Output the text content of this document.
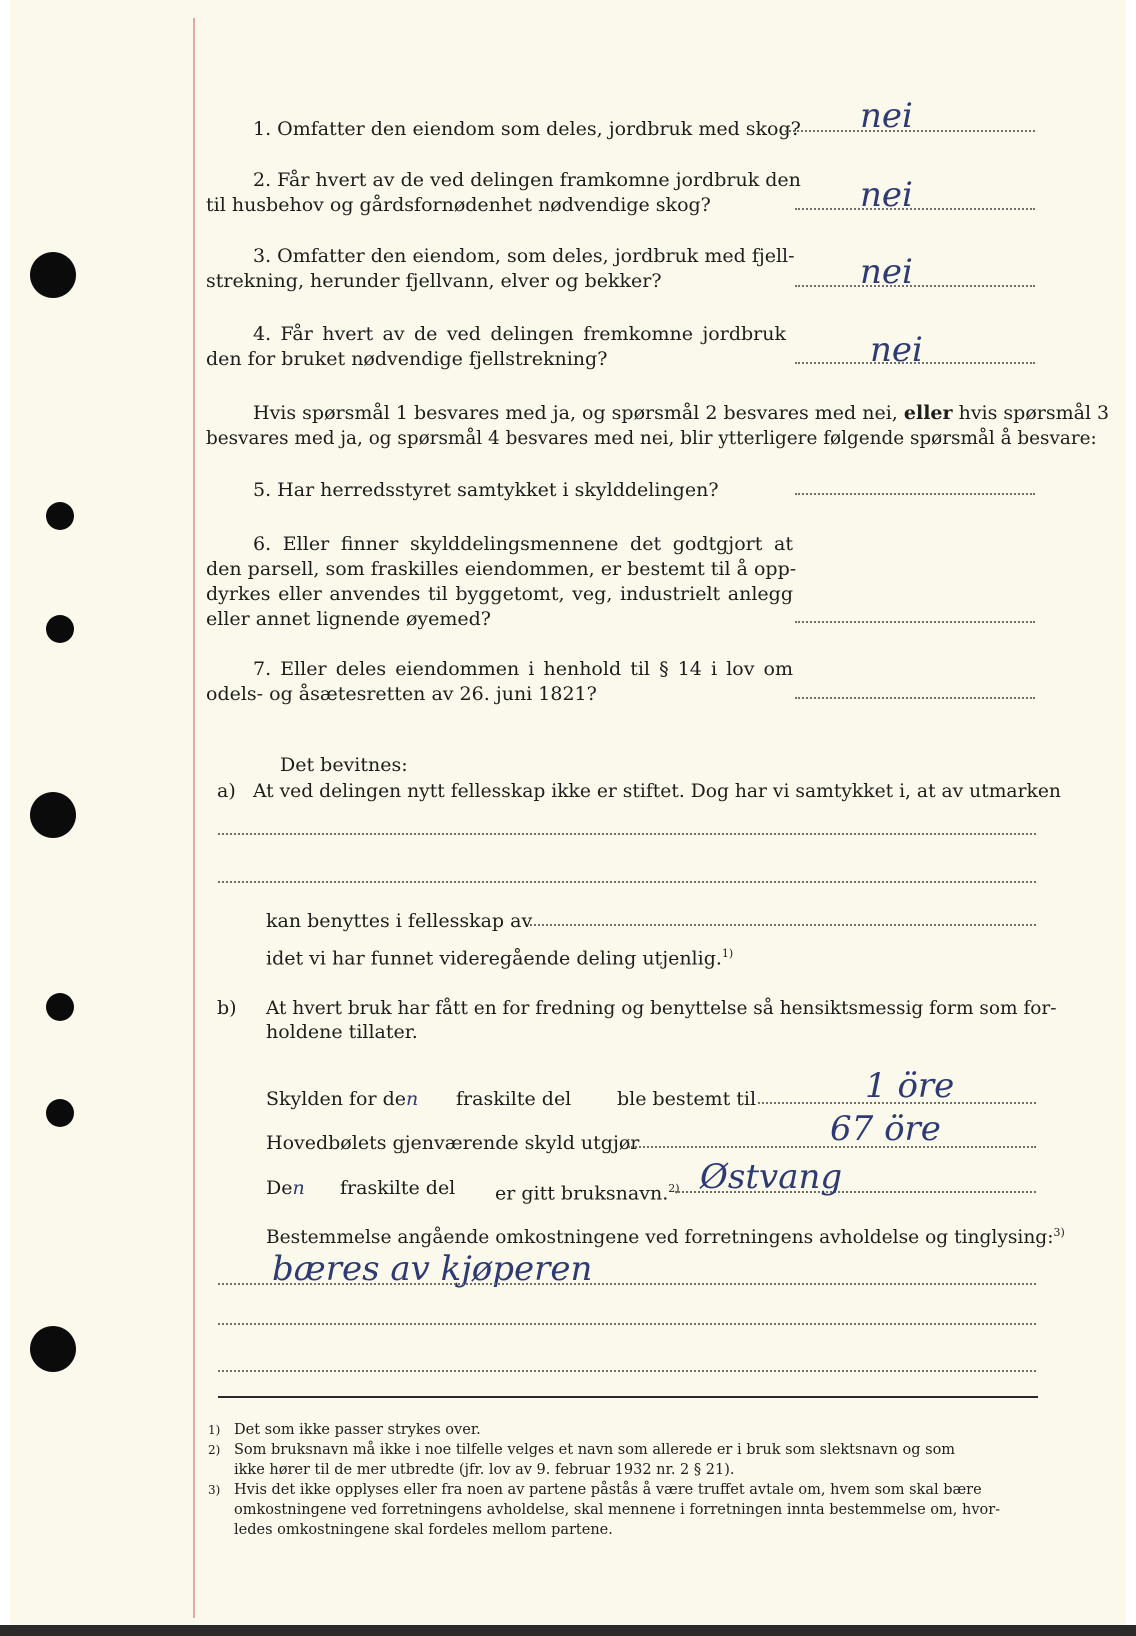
1. Omfatter den eiendom som deles, jordbruk med skog? nei
2. Får hvert av de ved delingen framkomne jordbruk den
til husbehov og gårdsfornødenhet nødvendige skog?	nei
3. Omfatter den eiendom, som deles, jordbruk med fjell-
strekning, herunder fjellvann, elver og bekker?	nei
4. Får hvert av de ved delingen fremkomne jordbruk
den for bruket nødvendige fjellstrekning?	nei
Hvis spørsmål 1 besvares med ja, og spørsmål 2 besvares med nei, eller hvis spørsmål 3
besvares med ja, og spørsmål 4 besvares med nei, blir ytterligere følgende spørsmål å besvare:
5. Har herredsstyret samtykket i skylddelingen?
6. Eller finner skylddelingsmennene det godtgjort at
den parsell, som fraskilles eiendommen, er bestemt til å opp-
dyrkes eller anvendes til byggetomt, veg, industrielt anlegg
eller annet lignende øyemed?
7. Eller deles eiendommen i henhold til § 14 i lov om
odels- og åsætesretten av 26. juni 1821?
Det bevitnes:
a) At ved delingen nytt fellesskap ikke er stiftet. Dog har vi samtykket i, at av utmarken
kan benyttes i fellesskap av
idet vi har funnet videregående deling utjenlig.$^{1)}$
b) At hvert bruk har fått en for fredning og benyttelse så hensiktsmessig form som for-
holdene tillater.
Skylden for den fraskilte del ble bestemt til	1 öre
Hovedbølets gjenværende skyld utgjør	67 öre
Den fraskilte del er gitt bruksnavn.$^{2)}$ Østvang
Bestemmelse angående omkostningene ved forretningens avholdelse og tinglysing:$^{3)}$
bæres av kjøperen
1) Det som ikke passer strykes over.
2) Som bruksnavn må ikke i noe tilfelle velges et navn som allerede er i bruk som slektsnavn og som
ikke hører til de mer utbredte (jfr. lov av 9. februar 1932 nr. 2 § 21).
3) Hvis det ikke opplyses eller fra noen av partene påstås å være truffet avtale om, hvem som skal bære
omkostningene ved forretningens avholdelse, skal mennene i forretningen innta bestemmelse om, hvor-
ledes omkostningene skal fordeles mellom partene.
